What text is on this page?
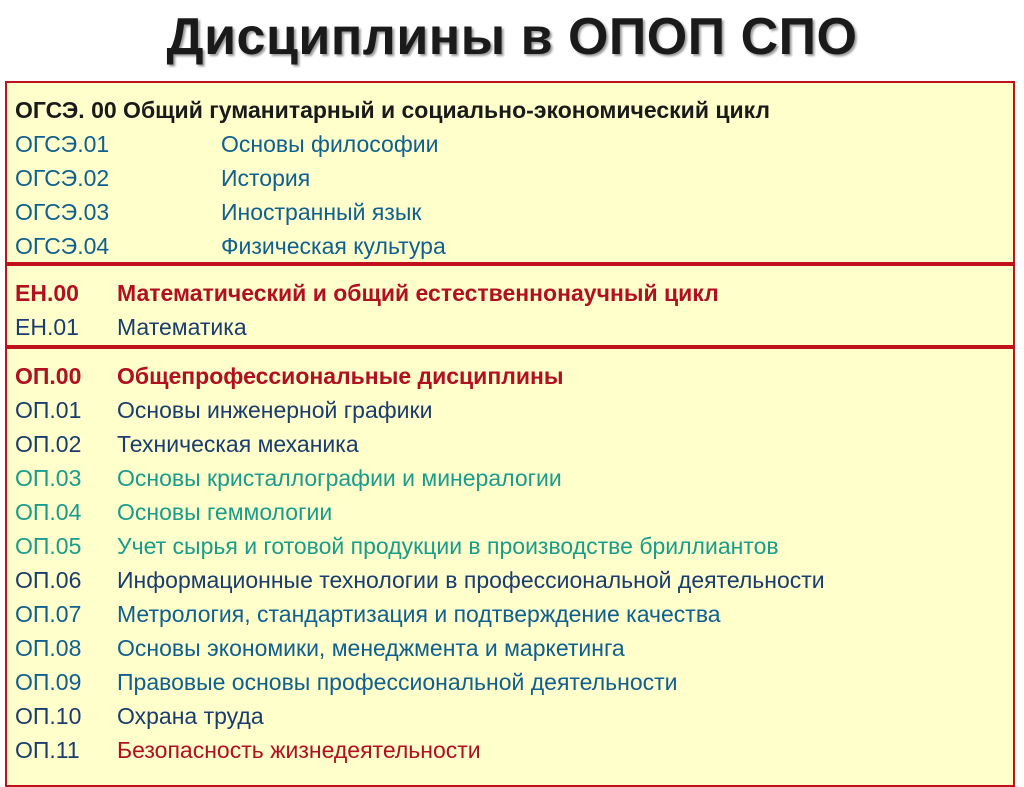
Дисциплины в ОПОП СПО
ОГСЭ. 00 Общий гуманитарный и социально-экономический цикл
ОГСЭ.01	Основы философии
ОГСЭ.02	История
ОГСЭ.03	Иностранный язык
ОГСЭ.04	Физическая культура
ЕН.00	Математический и общий естественнонаучный цикл
ЕН.01	Математика
ОП.00	Общепрофессиональные дисциплины
ОП.01	Основы инженерной графики
ОП.02	Техническая механика
ОП.03	Основы кристаллографии и минералогии
ОП.04	Основы геммологии
ОП.05	Учет сырья и готовой продукции в производстве бриллиантов
ОП.06	Информационные технологии в профессиональной деятельности
ОП.07	Метрология, стандартизация и подтверждение качества
ОП.08	Основы экономики, менеджмента и маркетинга
ОП.09	Правовые основы профессиональной деятельности
ОП.10	Охрана труда
ОП.11	Безопасность жизнедеятельности
